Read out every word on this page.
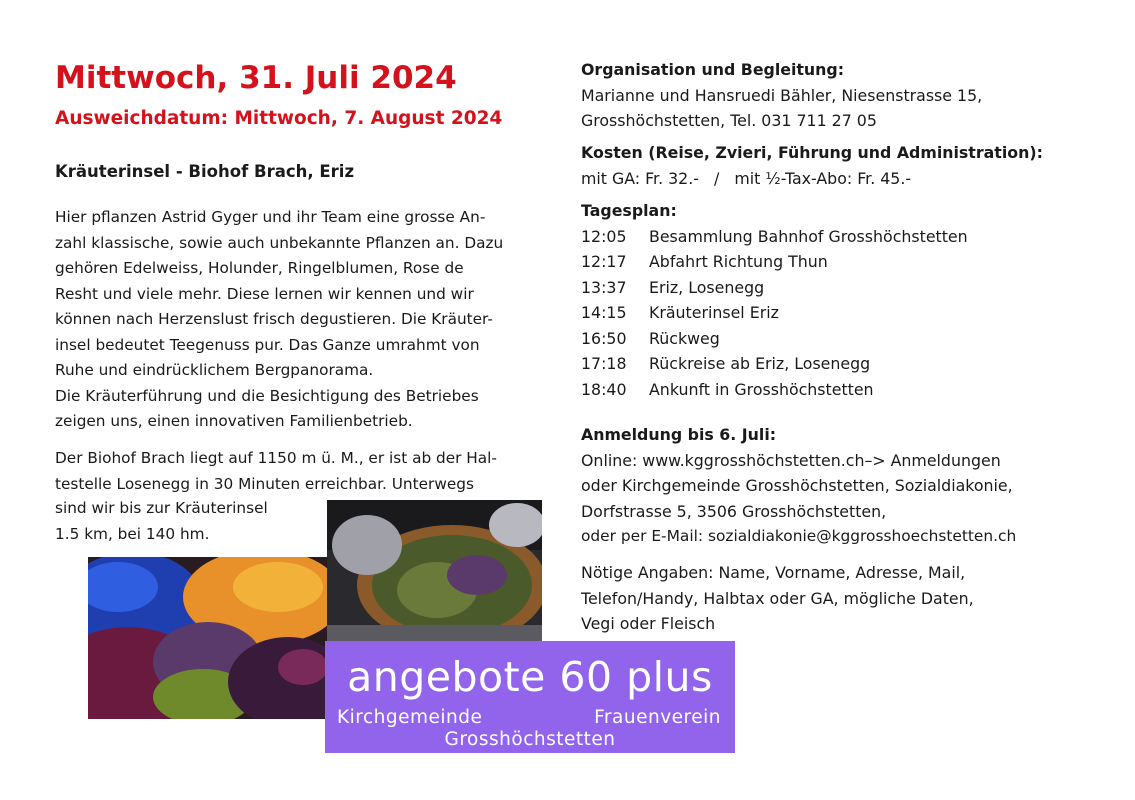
Mittwoch, 31. Juli 2024
Ausweichdatum: Mittwoch, 7. August 2024
Kräuterinsel - Biohof Brach, Eriz
Hier pflanzen Astrid Gyger und ihr Team eine grosse An-
zahl klassische, sowie auch unbekannte Pflanzen an. Dazu
gehören Edelweiss, Holunder, Ringelblumen, Rose de
Resht und viele mehr. Diese lernen wir kennen und wir
können nach Herzenslust frisch degustieren. Die Kräuter-
insel bedeutet Teegenuss pur. Das Ganze umrahmt von
Ruhe und eindrücklichem Bergpanorama.
Die Kräuterführung und die Besichtigung des Betriebes
zeigen uns, einen innovativen Familienbetrieb.
Der Biohof Brach liegt auf 1150 m ü. M., er ist ab der Hal-
testelle Losenegg in 30 Minuten erreichbar. Unterwegs
sind wir bis zur Kräuterinsel
1.5 km, bei 140 hm.
angebote 60 plus
Kirchgemeinde	Frauenverein
Grosshöchstetten
Organisation und Begleitung:
Marianne und Hansruedi Bähler, Niesenstrasse 15,
Grosshöchstetten, Tel. 031 711 27 05
Kosten (Reise, Zvieri, Führung und Administration):
mit GA: Fr. 32.-   /   mit ½-Tax-Abo: Fr. 45.-
Tagesplan:
12:05 Besammlung Bahnhof Grosshöchstetten
12:17 Abfahrt Richtung Thun
13:37 Eriz, Losenegg
14:15 Kräuterinsel Eriz
16:50 Rückweg
17:18 Rückreise ab Eriz, Losenegg
18:40 Ankunft in Grosshöchstetten
Anmeldung bis 6. Juli:
Online: www.kggrosshöchstetten.ch–> Anmeldungen
oder Kirchgemeinde Grosshöchstetten, Sozialdiakonie,
Dorfstrasse 5, 3506 Grosshöchstetten,
oder per E-Mail: sozialdiakonie@kggrosshoechstetten.ch
Nötige Angaben: Name, Vorname, Adresse, Mail,
Telefon/Handy, Halbtax oder GA, mögliche Daten,
Vegi oder Fleisch
